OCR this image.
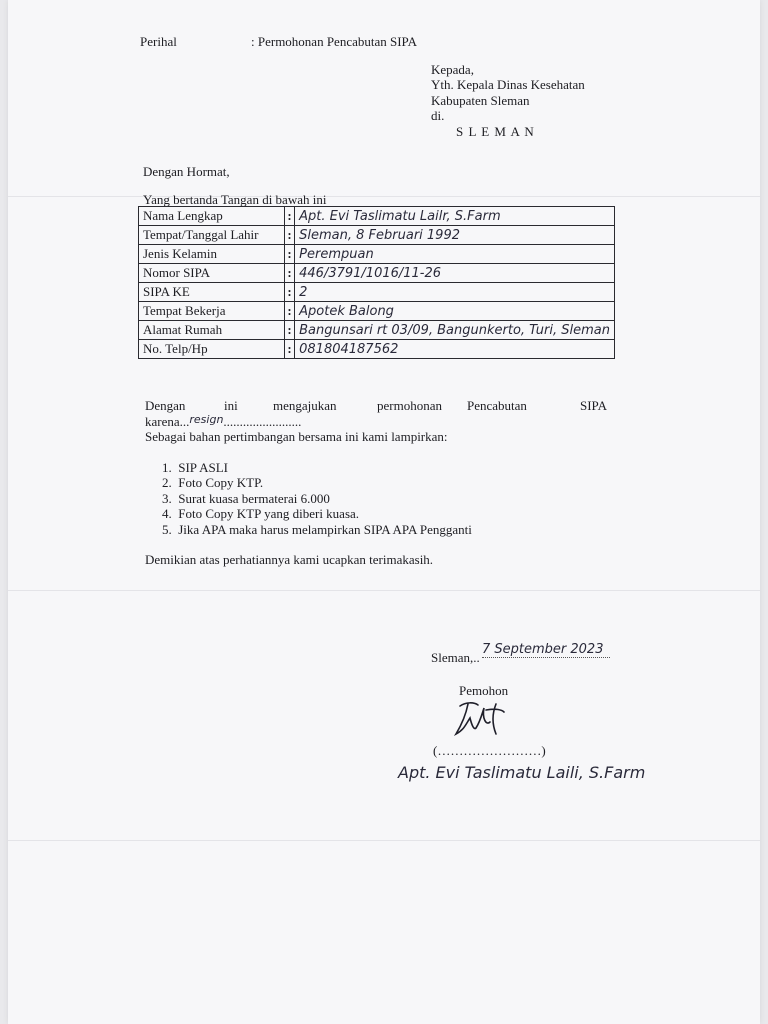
Perihal	: Permohonan Pencabutan SIPA
Kepada,
Yth. Kepala Dinas Kesehatan
Kabupaten Sleman
di.
S L E M A N
Dengan Hormat,
Yang bertanda Tangan di bawah ini
Nama Lengkap	:	Apt. Evi Taslimatu Lailr, S.Farm
Tempat/Tanggal Lahir	:	Sleman, 8 Februari 1992
Jenis Kelamin	:	Perempuan
Nomor SIPA	:	446/3791/1016/11-26
SIPA KE	:	2
Tempat Bekerja	:	Apotek Balong
Alamat Rumah	:	Bangunsari rt 03/09, Bangunkerto, Turi, Sleman
No. Telp/Hp	:	081804187562
Dengan	ini	mengajukan	permohonan Pencabutan	SIPA
karena...$^{resign}$........................
Sebagai bahan pertimbangan bersama ini kami lampirkan:
1.  SIP ASLI
2.  Foto Copy KTP.
3.  Surat kuasa bermaterai 6.000
4.  Foto Copy KTP yang diberi kuasa.
5.  Jika APA maka harus melampirkan SIPA APA Pengganti
Demikian atas perhatiannya kami ucapkan terimakasih.
Sleman,..
7 September 2023
Pemohon
(……………………)
Apt. Evi Taslimatu Laili, S.Farm
